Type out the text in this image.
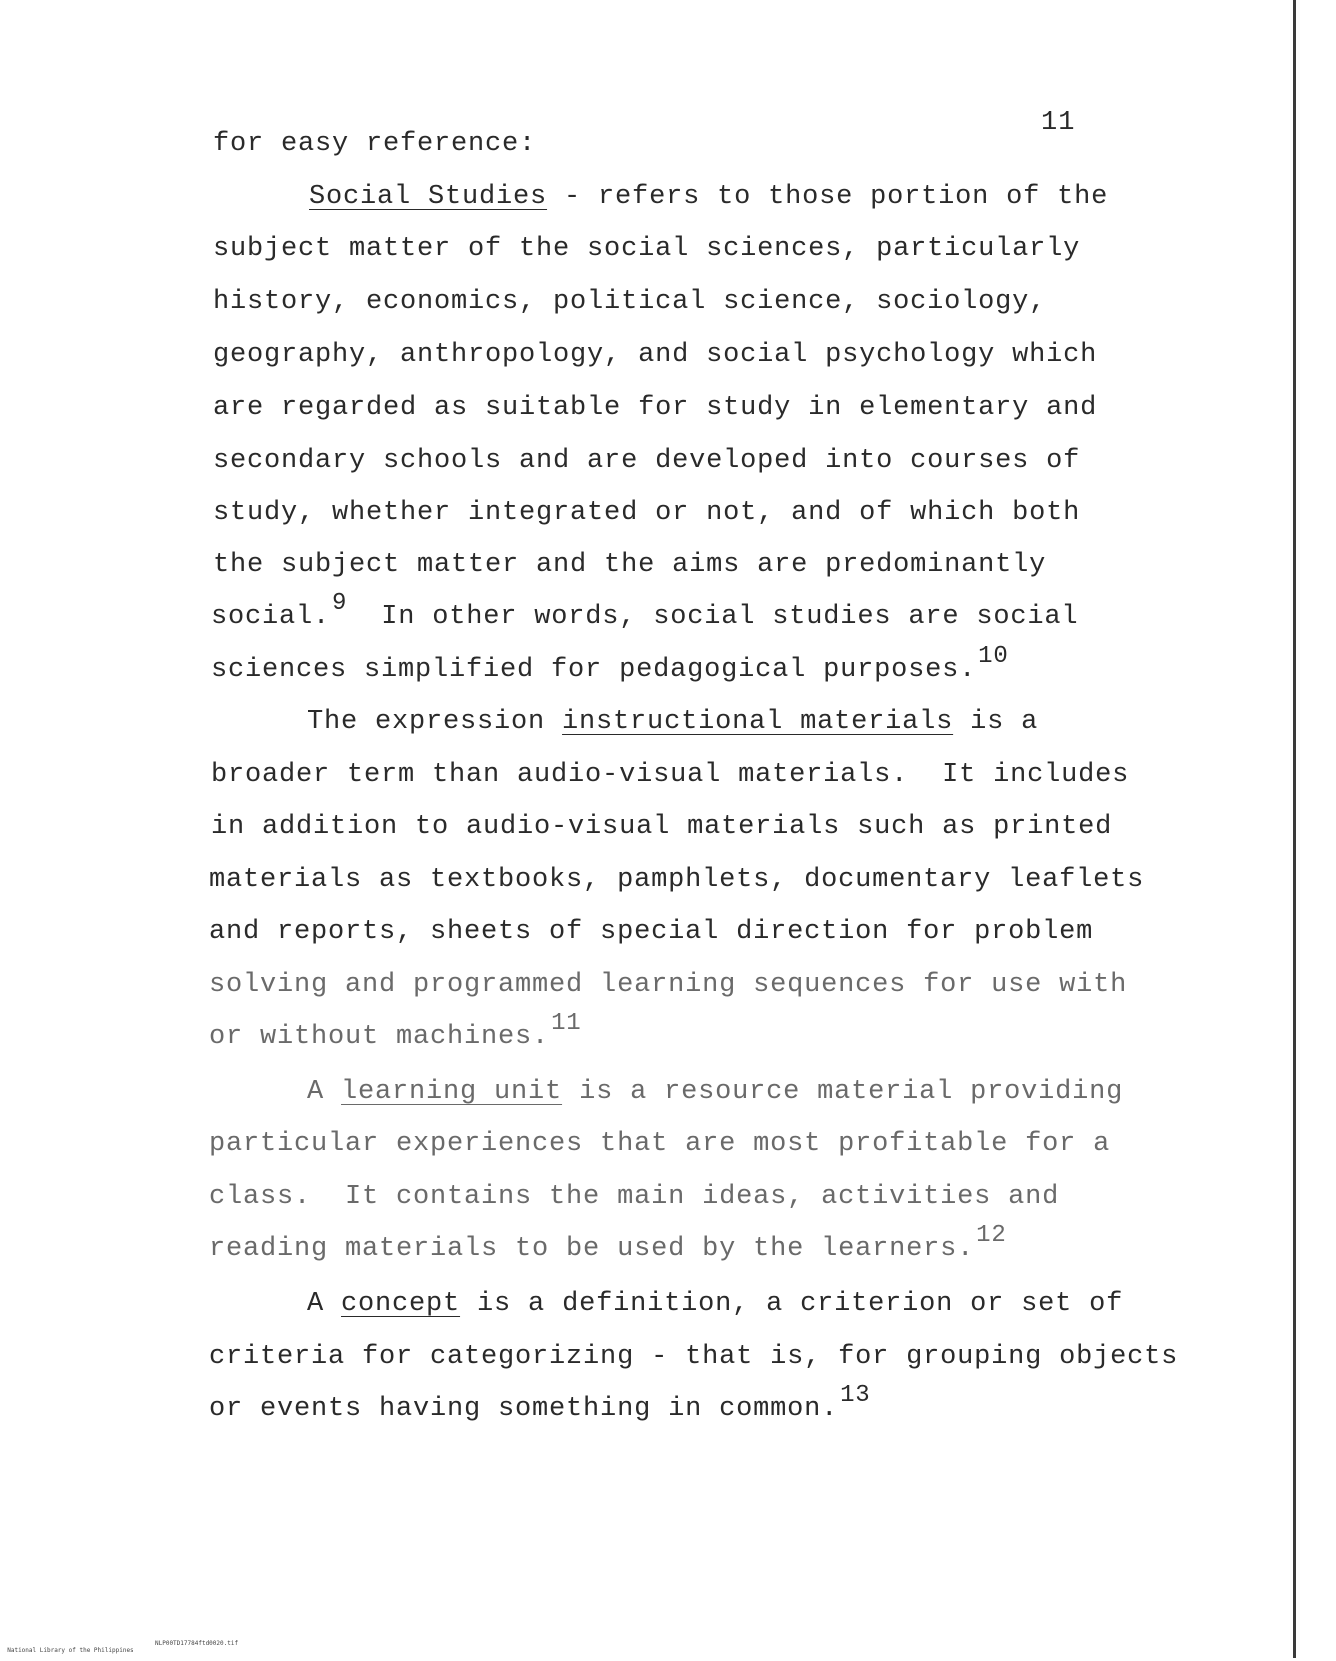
11
for easy reference:
Social Studies - refers to those portion of the
subject matter of the social sciences, particularly
history, economics, political science, sociology,
geography, anthropology, and social psychology which
are regarded as suitable for study in elementary and
secondary schools and are developed into courses of
study, whether integrated or not, and of which both
the subject matter and the aims are predominantly
social.$^9$  In other words, social studies are social
sciences simplified for pedagogical purposes.$^{10}$
The expression instructional materials is a
broader term than audio-visual materials.  It includes
in addition to audio-visual materials such as printed
materials as textbooks, pamphlets, documentary leaflets
and reports, sheets of special direction for problem
solving and programmed learning sequences for use with
or without machines.$^{11}$
A learning unit is a resource material providing
particular experiences that are most profitable for a
class.  It contains the main ideas, activities and
reading materials to be used by the learners.$^{12}$
A concept is a definition, a criterion or set of
criteria for categorizing - that is, for grouping objects
or events having something in common.$^{13}$

National Library of the Philippines

NLP00TD17784ftd0020.tif
